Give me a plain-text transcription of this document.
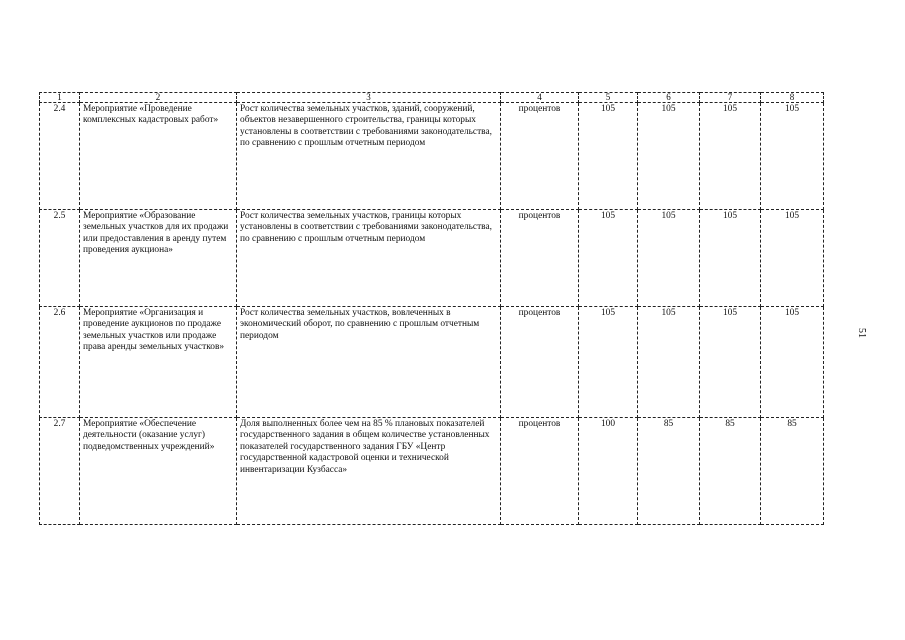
51
1	2	3	4	5	6	7	8
2.4	Мероприятие «Проведение комплексных кадастровых работ»	Рост количества земельных участков, зданий, сооружений, объектов незавершенного строительства, границы которых установлены в соответствии с требованиями законодательства, по сравнению с прошлым отчетным периодом	процентов	105	105	105	105
2.5	Мероприятие «Образование земельных участков для их продажи или предоставления в аренду путем проведения аукциона»	Рост количества земельных участков, границы которых установлены в соответствии с требованиями законодательства, по сравнению с прошлым отчетным периодом	процентов	105	105	105	105
2.6	Мероприятие «Организация и проведение аукционов по продаже земельных участков или продаже права аренды земельных участков»	Рост количества земельных участков, вовлеченных в экономический оборот, по сравнению с прошлым отчетным периодом	процентов	105	105	105	105
2.7	Мероприятие «Обеспечение деятельности (оказание услуг) подведомственных учреждений»	Доля выполненных более чем на 85 % плановых показателей государственного задания в общем количестве установленных показателей государственного задания ГБУ «Центр государственной кадастровой оценки и технической инвентаризации Кузбасса»	процентов	100	85	85	85
